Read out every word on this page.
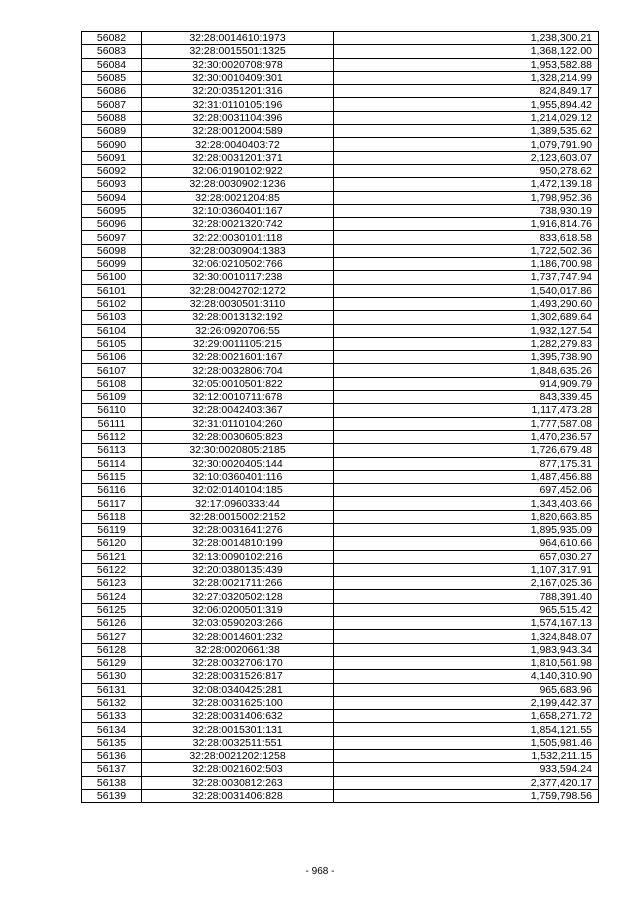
56082	32:28:0014610:1973	1,238,300.21
56083	32:28:0015501:1325	1,368,122.00
56084	32:30:0020708:978	1,953,582.88
56085	32:30:0010409:301	1,328,214.99
56086	32:20:0351201:316	824,849.17
56087	32:31:0110105:196	1,955,894.42
56088	32:28:0031104:396	1,214,029.12
56089	32:28:0012004:589	1,389,535.62
56090	32:28:0040403:72	1,079,791.90
56091	32:28:0031201:371	2,123,603.07
56092	32:06:0190102:922	950,278.62
56093	32:28:0030902:1236	1,472,139.18
56094	32:28:0021204:85	1,798,952.36
56095	32:10:0360401:167	738,930.19
56096	32:28:0021320:742	1,916,814.76
56097	32:22:0030101:118	833,618.58
56098	32:28:0030904:1383	1,722,502.36
56099	32:06:0210502:766	1,186,700.98
56100	32:30:0010117:238	1,737,747.94
56101	32:28:0042702:1272	1,540,017.86
56102	32:28:0030501:3110	1,493,290.60
56103	32:28:0013132:192	1,302,689.64
56104	32:26:0920706:55	1,932,127.54
56105	32:29:0011105:215	1,282,279.83
56106	32:28:0021601:167	1,395,738.90
56107	32:28:0032806:704	1,848,635.26
56108	32:05:0010501:822	914,909.79
56109	32:12:0010711:678	843,339.45
56110	32:28:0042403:367	1,117,473.28
56111	32:31:0110104:260	1,777,587.08
56112	32:28:0030605:823	1,470,236.57
56113	32:30:0020805:2185	1,726,679.48
56114	32:30:0020405:144	877,175.31
56115	32:10:0360401:116	1,487,456.88
56116	32:02:0140104:185	697,452.06
56117	32:17:0960333:44	1,343,403.66
56118	32:28:0015002:2152	1,820,663.85
56119	32:28:0031641:276	1,895,935.09
56120	32:28:0014810:199	964,610.66
56121	32:13:0090102:216	657,030.27
56122	32:20:0380135:439	1,107,317.91
56123	32:28:0021711:266	2,167,025.36
56124	32:27:0320502:128	788,391.40
56125	32:06:0200501:319	965,515.42
56126	32:03:0590203:266	1,574,167.13
56127	32:28:0014601:232	1,324,848.07
56128	32:28:0020661:38	1,983,943.34
56129	32:28:0032706:170	1,810,561.98
56130	32:28:0031526:817	4,140,310.90
56131	32:08:0340425:281	965,683.96
56132	32:28:0031625:100	2,199,442.37
56133	32:28:0031406:632	1,658,271.72
56134	32:28:0015301:131	1,854,121.55
56135	32:28:0032511:551	1,505,981.46
56136	32:28:0021202:1258	1,532,211.15
56137	32:28:0021602:503	933,594.24
56138	32:28:0030812:263	2,377,420.17
56139	32:28:0031406:828	1,759,798.56
- 968 -
